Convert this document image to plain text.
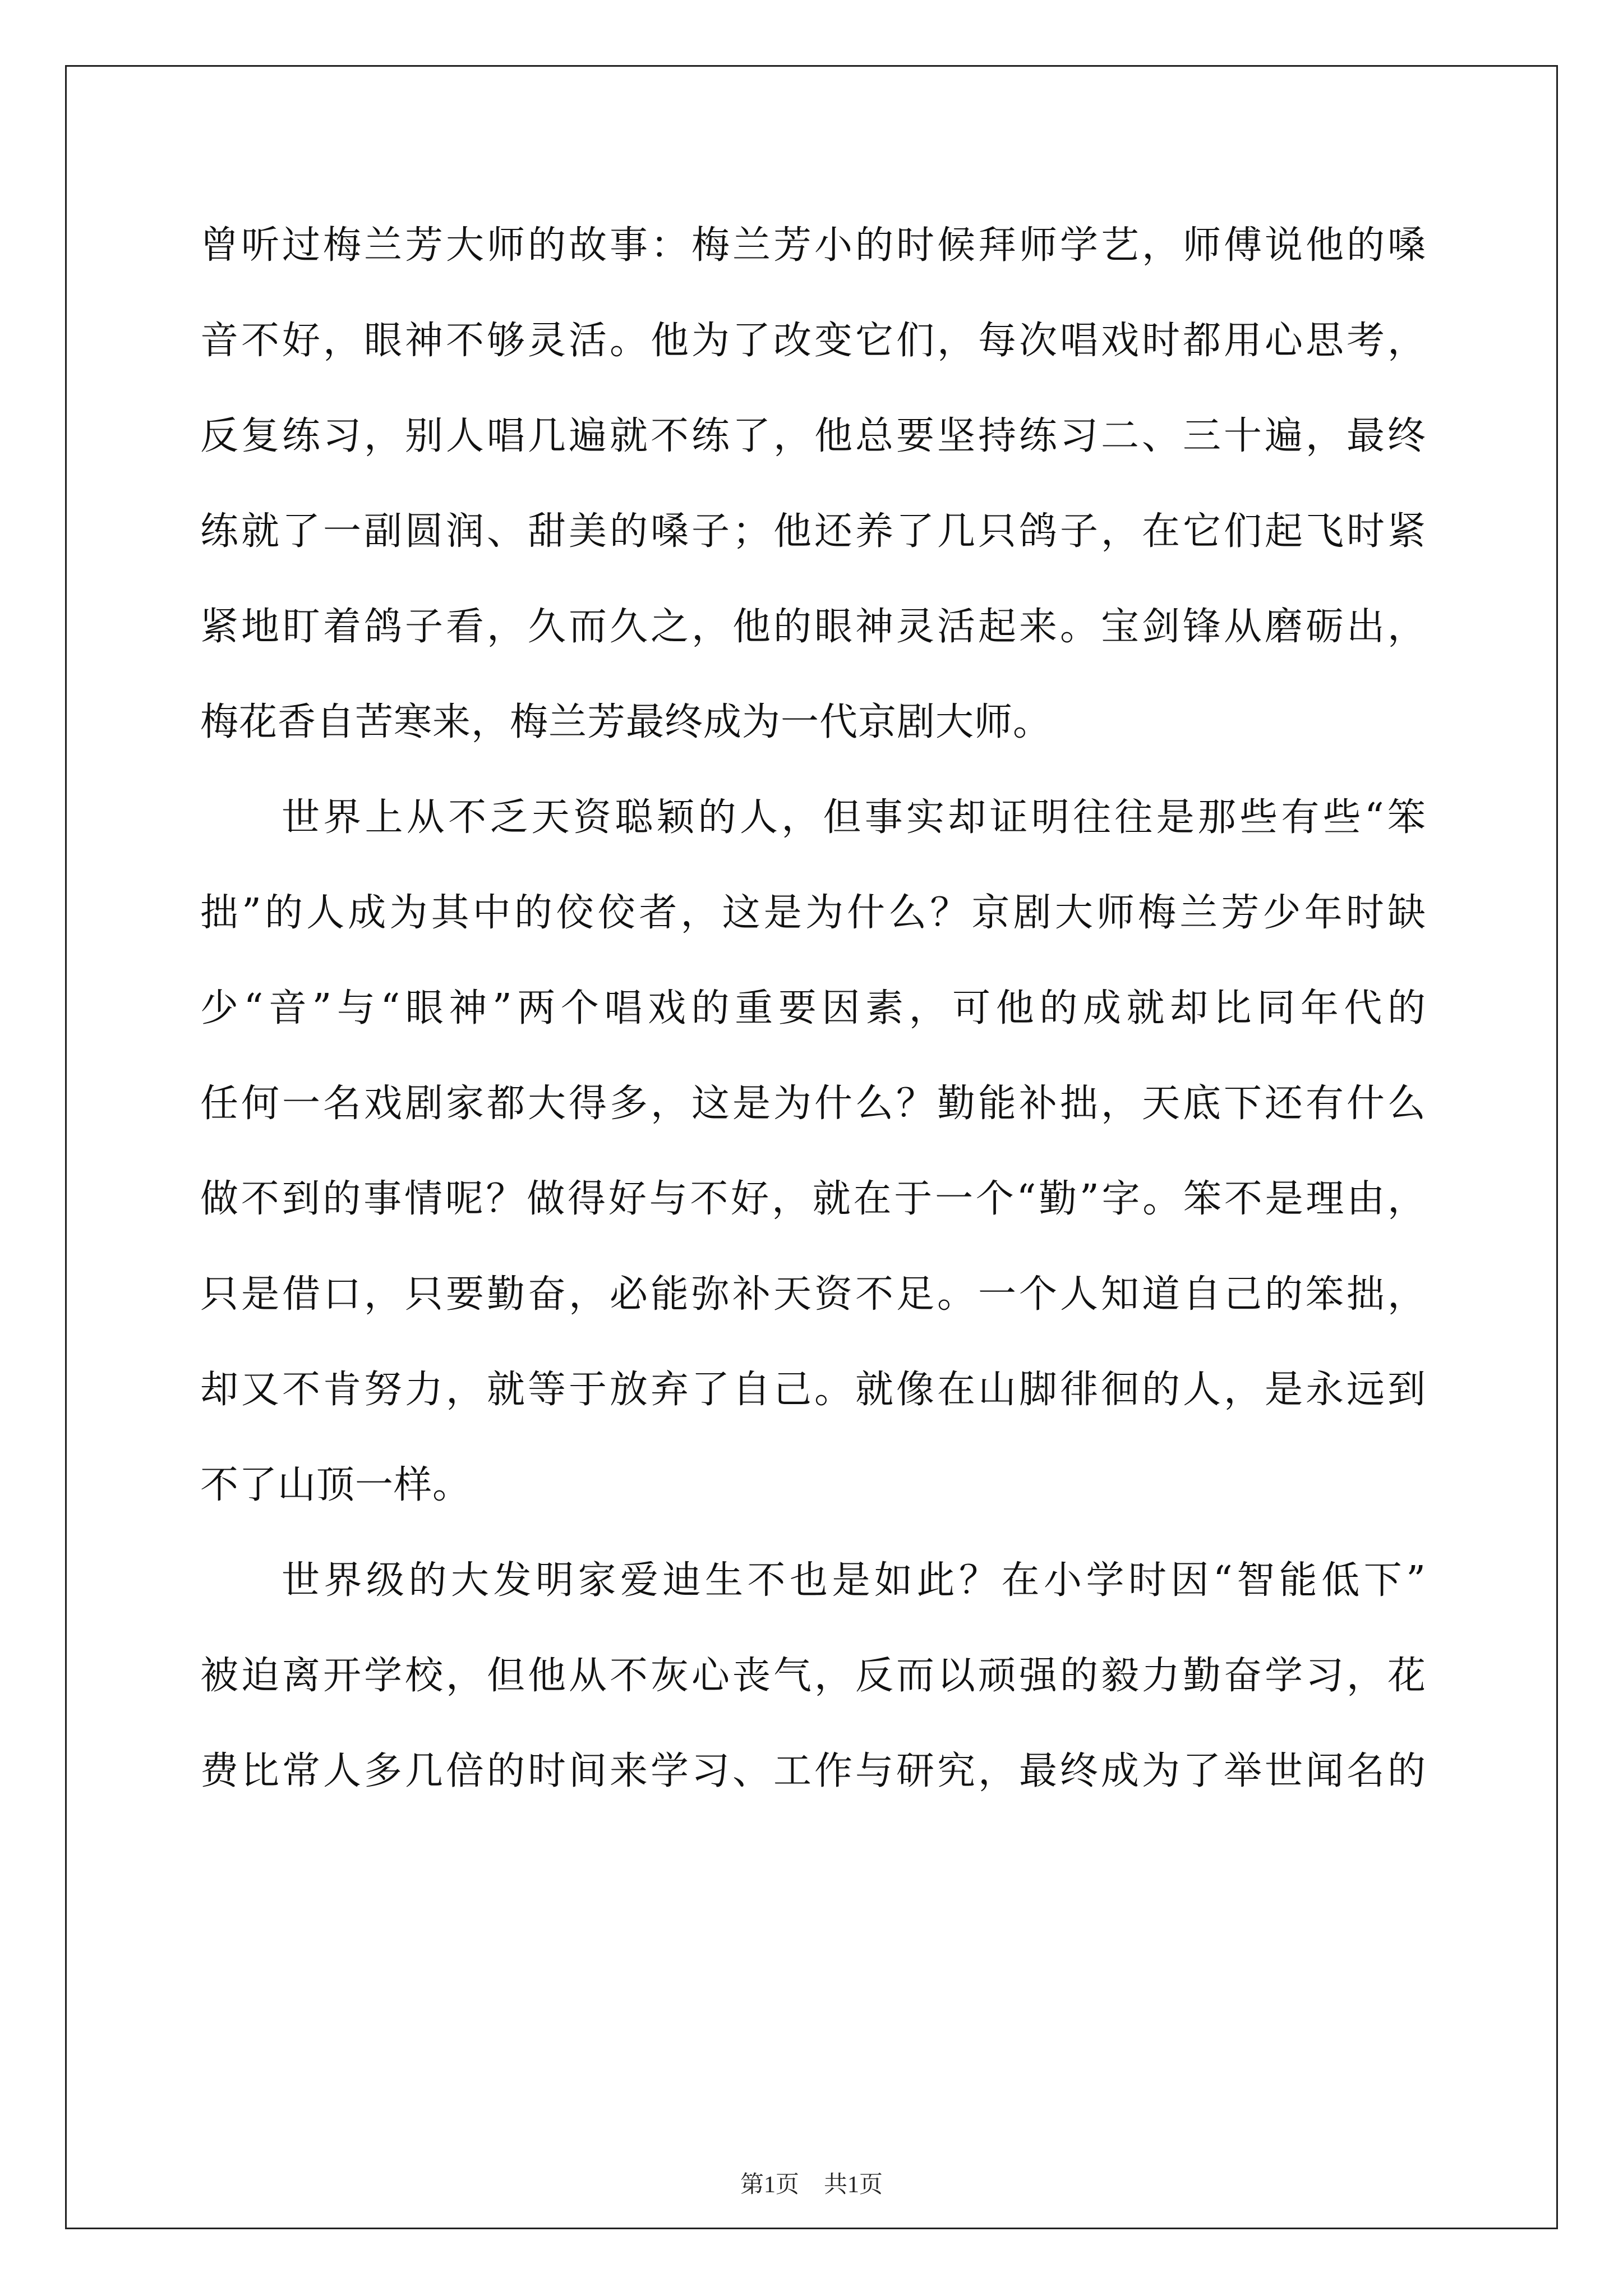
曾听过梅兰芳大师的故事：梅兰芳小的时候拜师学艺，师傅说他的嗓
音不好，眼神不够灵活。他为了改变它们，每次唱戏时都用心思考，
反复练习，别人唱几遍就不练了，他总要坚持练习二、三十遍，最终
练就了一副圆润、甜美的嗓子；他还养了几只鸽子，在它们起飞时紧
紧地盯着鸽子看，久而久之，他的眼神灵活起来。宝剑锋从磨砺出，
梅花香自苦寒来，梅兰芳最终成为一代京剧大师。
世界上从不乏天资聪颖的人，但事实却证明往往是那些有些“笨
拙”的人成为其中的佼佼者，这是为什么？京剧大师梅兰芳少年时缺
少“音”与“眼神”两个唱戏的重要因素，可他的成就却比同年代的
任何一名戏剧家都大得多，这是为什么？勤能补拙，天底下还有什么
做不到的事情呢？做得好与不好，就在于一个“勤”字。笨不是理由，
只是借口，只要勤奋，必能弥补天资不足。一个人知道自己的笨拙，
却又不肯努力，就等于放弃了自己。就像在山脚徘徊的人，是永远到
不了山顶一样。
世界级的大发明家爱迪生不也是如此？在小学时因“智能低下”
被迫离开学校，但他从不灰心丧气，反而以顽强的毅力勤奋学习，花
费比常人多几倍的时间来学习、工作与研究，最终成为了举世闻名的
第1页 共1页
